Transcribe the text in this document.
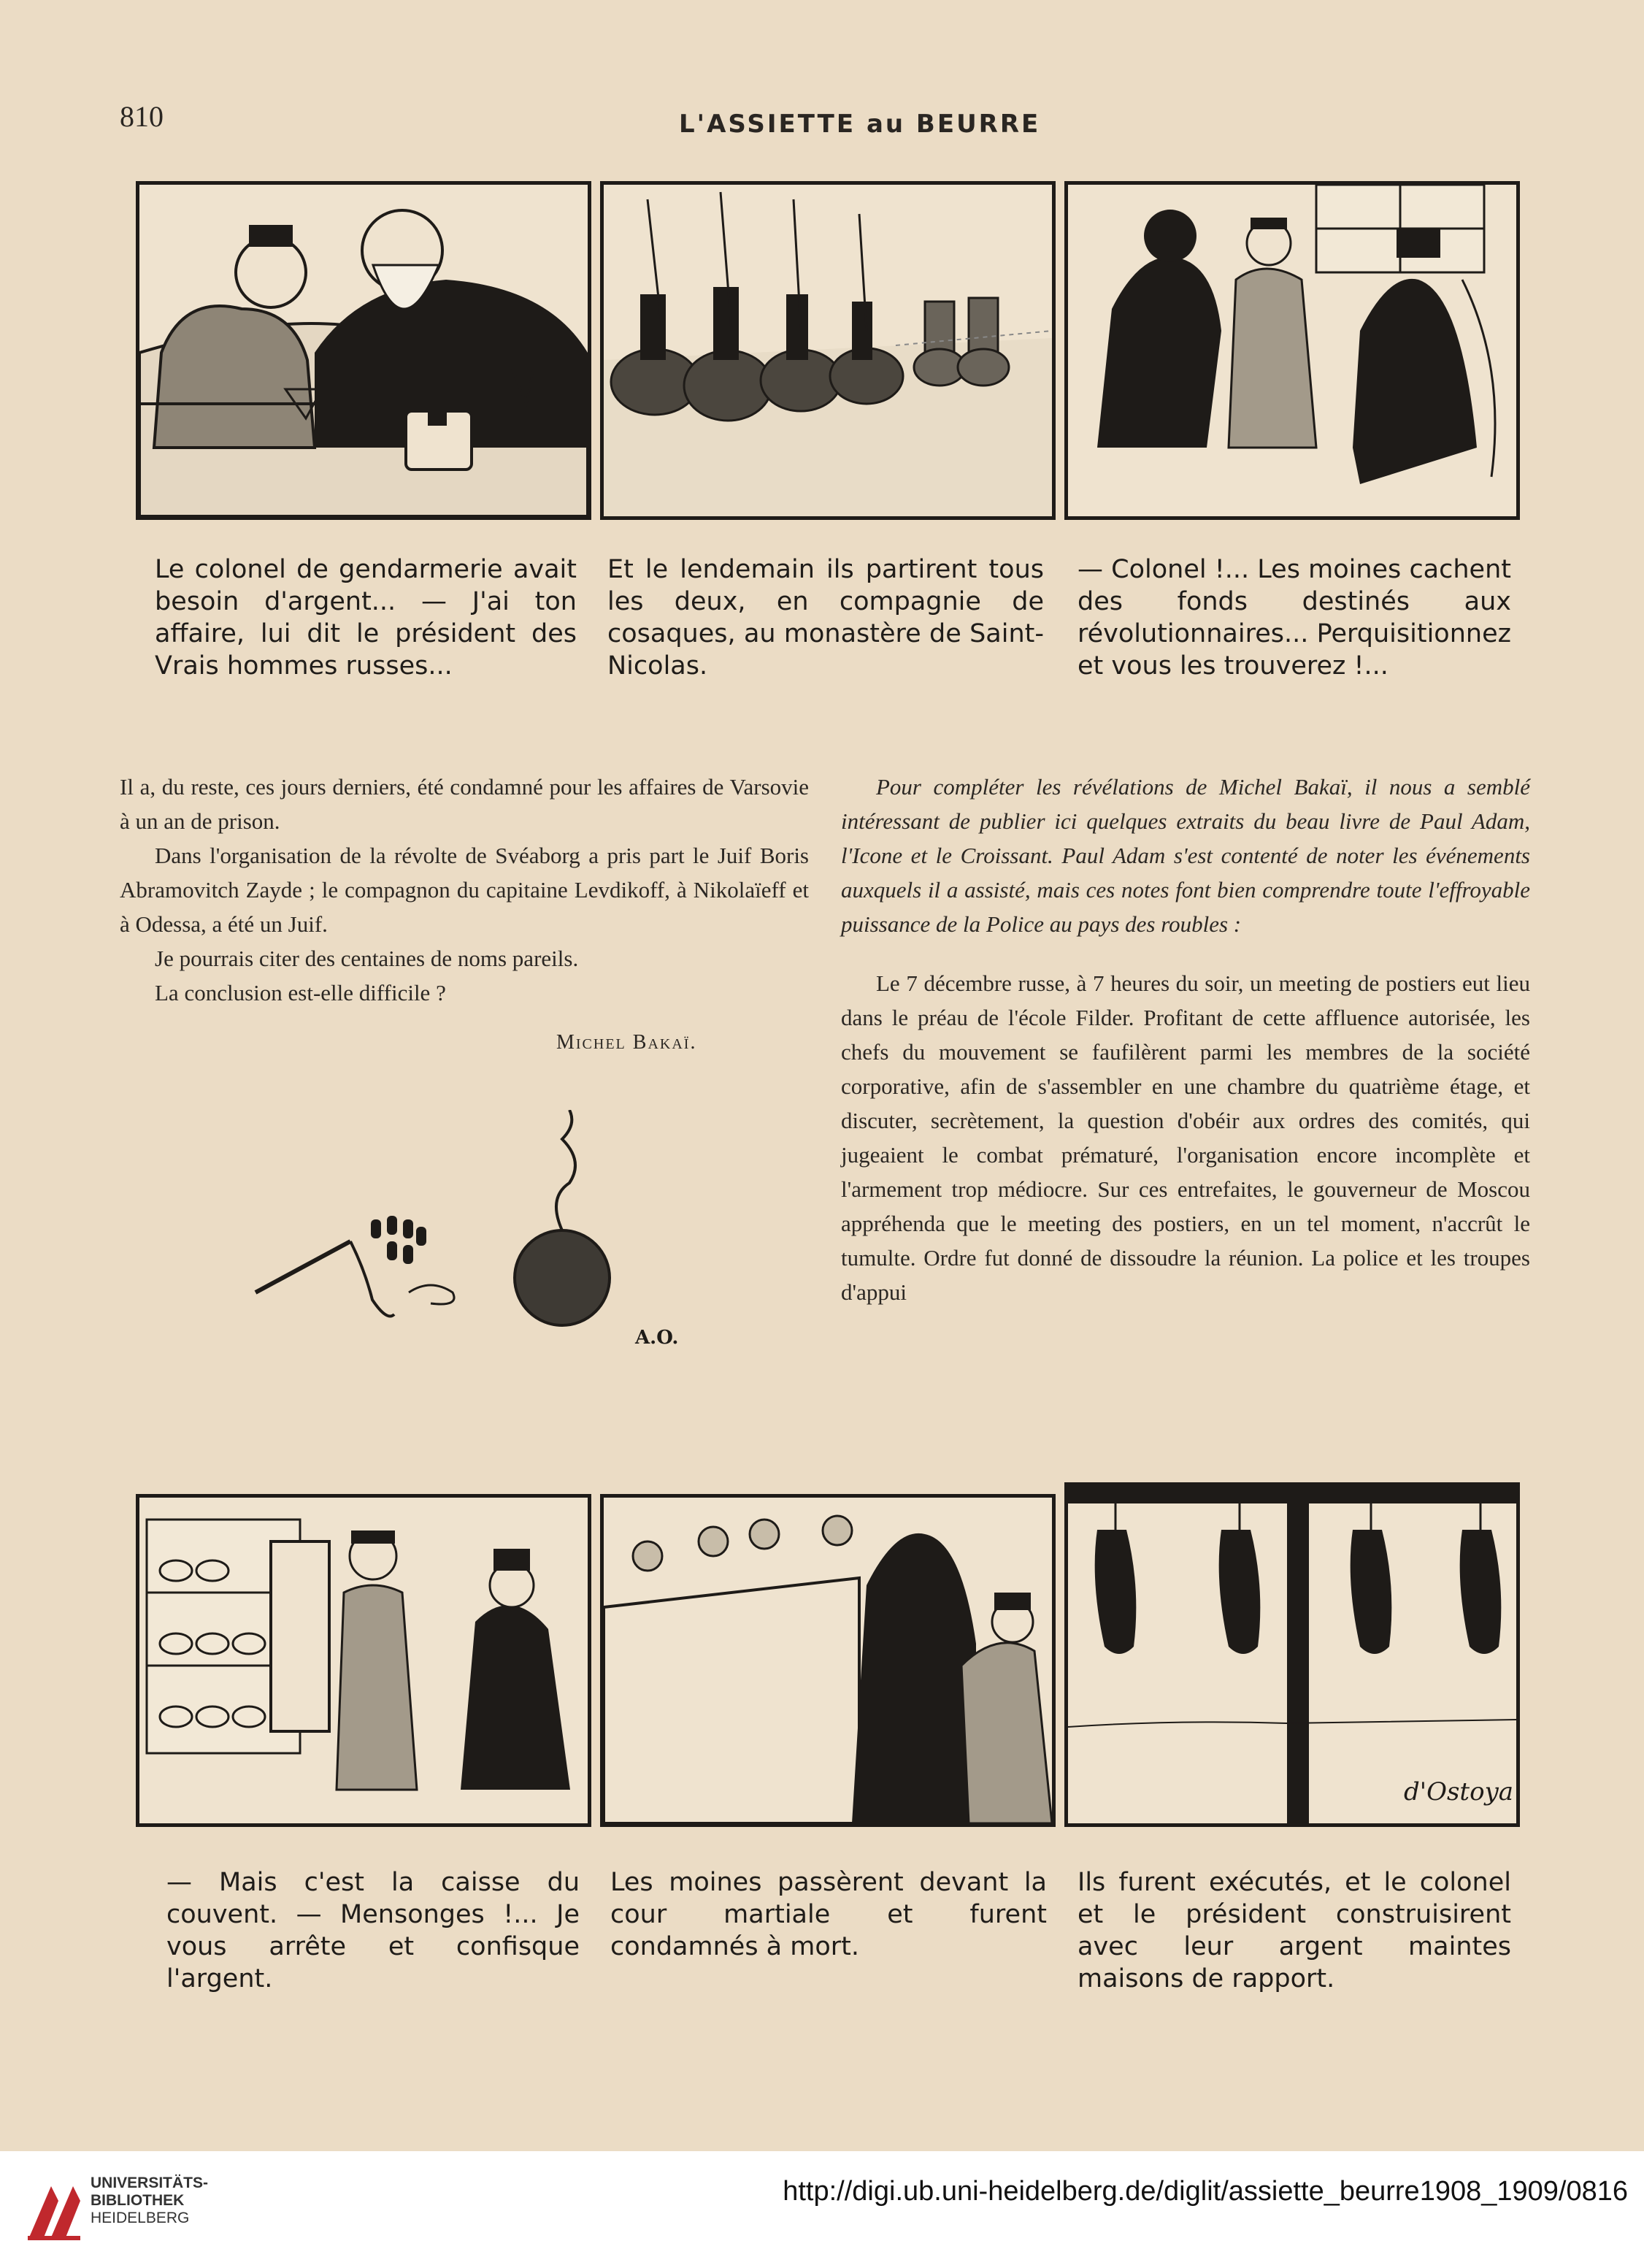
810	L'ASSIETTE au BEURRE
Le colonel de gendarmerie avait besoin d'argent... — J'ai ton affaire, lui dit le président des Vrais hommes russes...
Et le lendemain ils partirent tous les deux, en compagnie de cosaques, au monastère de Saint-Nicolas.
— Colonel !... Les moines cachent des fonds destinés aux révolutionnaires... Perquisitionnez et vous les trouverez !...

Il a, du reste, ces jours derniers, été condamné pour les affaires de Varsovie à un an de prison.

Dans l'organisation de la révolte de Svéaborg a pris part le Juif Boris Abramovitch Zayde ; le compagnon du capitaine Levdikoff, à Nikolaïeff et à Odessa, a été un Juif.

Je pourrais citer des centaines de noms pareils.

La conclusion est-elle difficile ?

Michel Bakaï.
A.O.

Pour compléter les révélations de Michel Bakaï, il nous a semblé intéressant de publier ici quelques extraits du beau livre de Paul Adam, l'Icone et le Croissant. Paul Adam s'est contenté de noter les événements auxquels il a assisté, mais ces notes font bien comprendre toute l'effroyable puissance de la Police au pays des roubles :

Le 7 décembre russe, à 7 heures du soir, un meeting de postiers eut lieu dans le préau de l'école Filder. Profitant de cette affluence autorisée, les chefs du mouvement se faufilèrent parmi les membres de la société corporative, afin de s'assembler en une chambre du quatrième étage, et discuter, secrètement, la question d'obéir aux ordres des comités, qui jugeaient le combat prématuré, l'organisation encore incomplète et l'armement trop médiocre. Sur ces entrefaites, le gouverneur de Moscou appréhenda que le meeting des postiers, en un tel moment, n'accrût le tumulte. Ordre fut donné de dissoudre la réunion. La police et les troupes d'appui

d'Ostoya
— Mais c'est la caisse du couvent. — Mensonges !... Je vous arrête et confisque l'argent.
Les moines passèrent devant la cour martiale et furent condamnés à mort.
Ils furent exécutés, et le colonel et le président construisirent avec leur argent maintes maisons de rapport.
UNIVERSITÄTS-
BIBLIOTHEK
HEIDELBERG
http://digi.ub.uni-heidelberg.de/diglit/assiette_beurre1908_1909/0816
